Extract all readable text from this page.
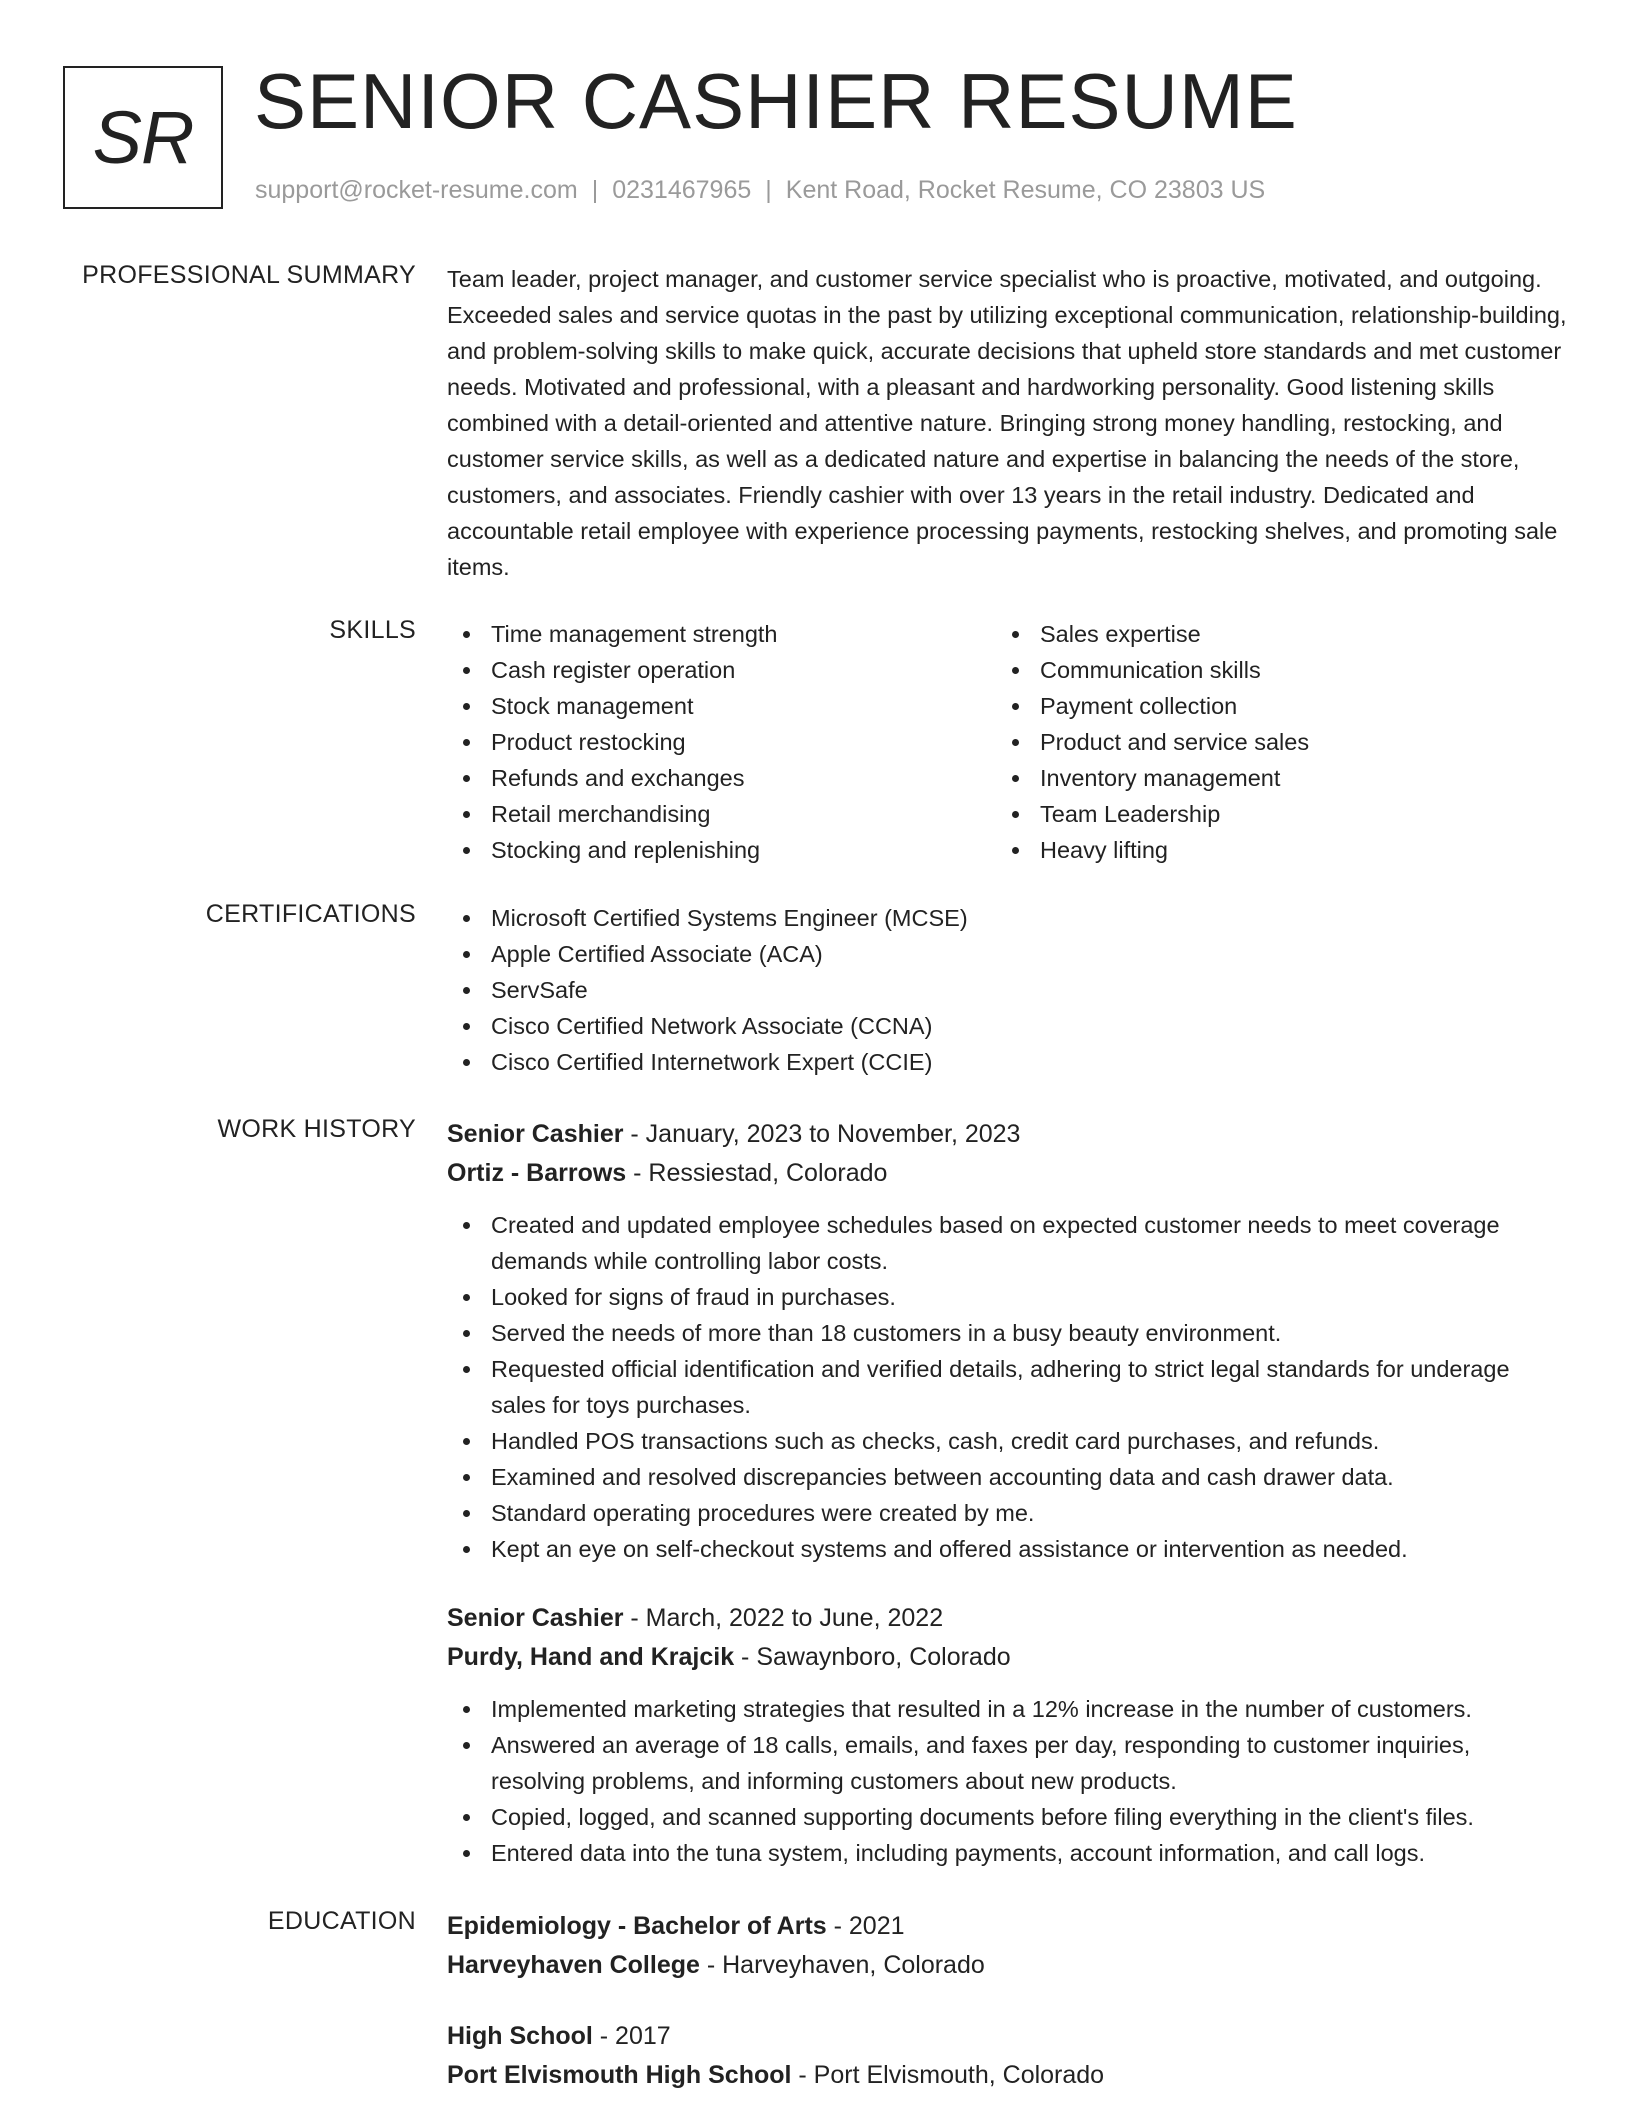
SR SENIOR CASHIER RESUME
support@rocket-resume.com | 0231467965 | Kent Road, Rocket Resume, CO 23803 US
PROFESSIONAL SUMMARY Team leader, project manager, and customer service specialist who is proactive, motivated, and outgoing. Exceeded sales and service quotas in the past by utilizing exceptional communication, relationship-building, and problem-solving skills to make quick, accurate decisions that upheld store standards and met customer needs. Motivated and professional, with a pleasant and hardworking personality. Good listening skills combined with a detail-oriented and attentive nature. Bringing strong money handling, restocking, and customer service skills, as well as a dedicated nature and expertise in balancing the needs of the store, customers, and associates. Friendly cashier with over 13 years in the retail industry. Dedicated and accountable retail employee with experience processing payments, restocking shelves, and promoting sale items.

SKILLS	Time management strength
Cash register operation
Stock management
Product restocking
Refunds and exchanges
Retail merchandising
Stocking and replenishing
Sales expertise
Communication skills
Payment collection
Product and service sales
Inventory management
Team Leadership
Heavy lifting
CERTIFICATIONS	Microsoft Certified Systems Engineer (MCSE)
Apple Certified Associate (ACA)
ServSafe
Cisco Certified Network Associate (CCNA)
Cisco Certified Internetwork Expert (CCIE)
WORK HISTORY Senior Cashier - January, 2023 to November, 2023
Ortiz - Barrows - Ressiestad, Colorado
Created and updated employee schedules based on expected customer needs to meet coverage demands while controlling labor costs.
Looked for signs of fraud in purchases.
Served the needs of more than 18 customers in a busy beauty environment.
Requested official identification and verified details, adhering to strict legal standards for underage sales for toys purchases.
Handled POS transactions such as checks, cash, credit card purchases, and refunds.
Examined and resolved discrepancies between accounting data and cash drawer data.
Standard operating procedures were created by me.
Kept an eye on self-checkout systems and offered assistance or intervention as needed.
Senior Cashier - March, 2022 to June, 2022
Purdy, Hand and Krajcik - Sawaynboro, Colorado
Implemented marketing strategies that resulted in a 12% increase in the number of customers.
Answered an average of 18 calls, emails, and faxes per day, responding to customer inquiries, resolving problems, and informing customers about new products.
Copied, logged, and scanned supporting documents before filing everything in the client's files.
Entered data into the tuna system, including payments, account information, and call logs.
EDUCATION Epidemiology - Bachelor of Arts - 2021
Harveyhaven College - Harveyhaven, Colorado
High School - 2017
Port Elvismouth High School - Port Elvismouth, Colorado
